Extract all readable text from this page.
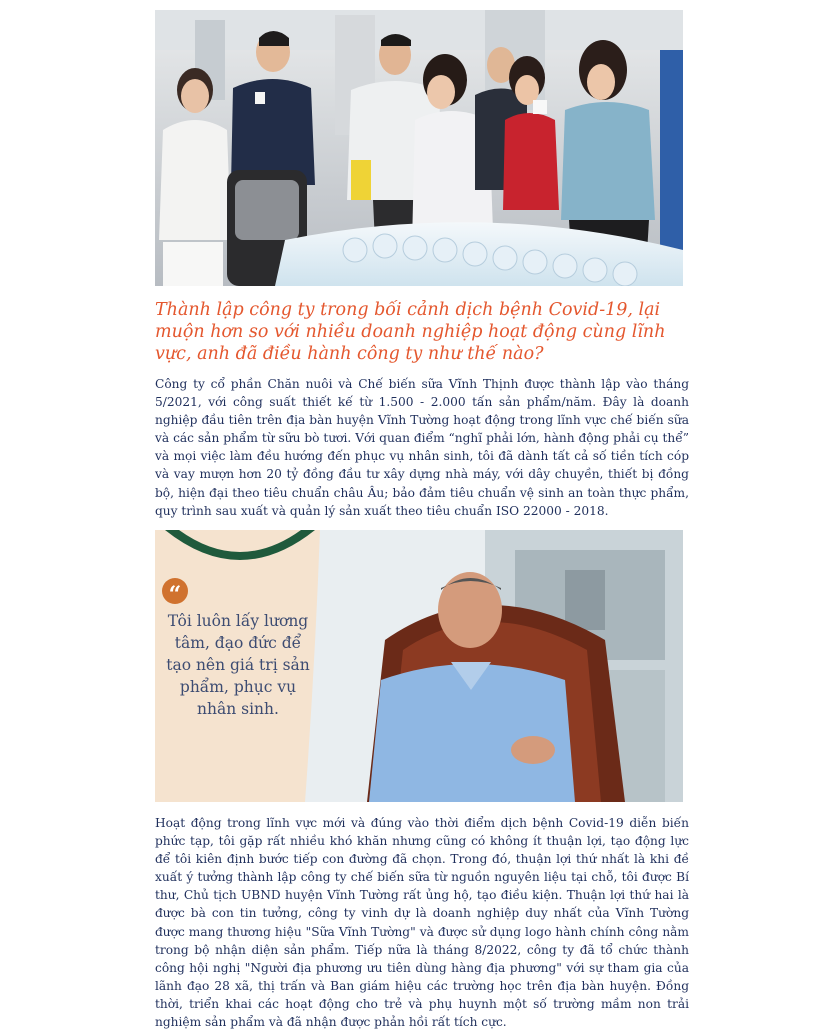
Thành lập công ty trong bối cảnh dịch bệnh Covid-19, lại muộn hơn so với nhiều doanh nghiệp hoạt động cùng lĩnh vực, anh đã điều hành công ty như thế nào?

Công ty cổ phần Chăn nuôi và Chế biến sữa Vĩnh Thịnh được thành lập vào tháng 5/2021, với công suất thiết kế từ 1.500 - 2.000 tấn sản phẩm/năm. Đây là doanh nghiệp đầu tiên trên địa bàn huyện Vĩnh Tường hoạt động trong lĩnh vực chế biến sữa và các sản phẩm từ sữu bò tươi. Với quan điểm “nghĩ phải lớn, hành động phải cụ thể” và mọi việc làm đều hướng đến phục vụ nhân sinh, tôi đã dành tất cả số tiền tích cóp và vay mượn hơn 20 tỷ đồng đầu tư xây dựng nhà máy, với dây chuyền, thiết bị đồng bộ, hiện đại theo tiêu chuẩn châu Âu; bảo đảm tiêu chuẩn vệ sinh an toàn thực phẩm, quy trình sau xuất và quản lý sản xuất theo tiêu chuẩn ISO 22000 - 2018.

“

Tôi luôn lấy lương tâm, đạo đức để tạo nên giá trị sản phẩm, phục vụ nhân sinh.

Hoạt động trong lĩnh vực mới và đúng vào thời điểm dịch bệnh Covid-19 diễn biến phức tạp, tôi gặp rất nhiều khó khăn nhưng cũng có không ít thuận lợi, tạo động lực để tôi kiên định bước tiếp con đường đã chọn. Trong đó, thuận lợi thứ nhất là khi đề xuất ý tưởng thành lập công ty chế biến sữa từ nguồn nguyên liệu tại chỗ, tôi được Bí thư, Chủ tịch UBND huyện Vĩnh Tường rất ủng hộ, tạo điều kiện. Thuận lợi thứ hai là được bà con tin tưởng, công ty vinh dự là doanh nghiệp duy nhất của Vĩnh Tường được mang thương hiệu "Sữa Vĩnh Tường" và được sử dụng logo hành chính công nằm trong bộ nhận diện sản phẩm. Tiếp nữa là tháng 8/2022, công ty đã tổ chức thành công hội nghị "Người địa phương ưu tiên dùng hàng địa phương" với sự tham gia của lãnh đạo 28 xã, thị trấn và Ban giám hiệu các trường học trên địa bàn huyện. Đồng thời, triển khai các hoạt động cho trẻ và phụ huynh một số trường mầm non trải nghiệm sản phẩm và đã nhận được phản hồi rất tích cực.
